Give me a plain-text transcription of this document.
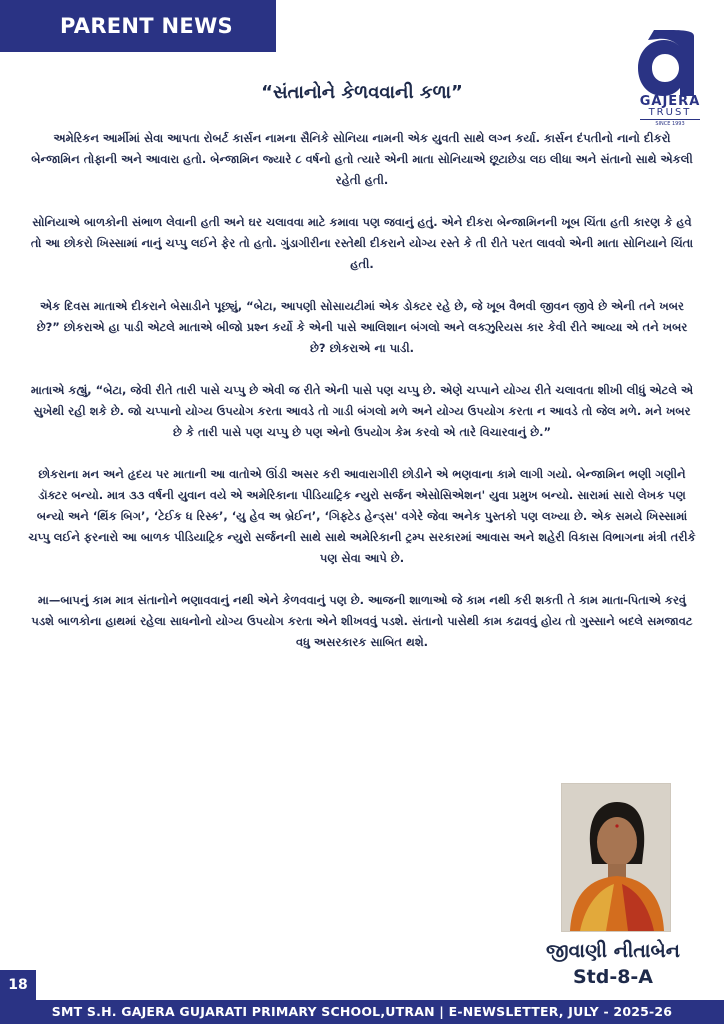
PARENT NEWS
GAJERA
TRUST
SINCE 1993
“સંતાનોને કેળવવાની કળા”

અમેરિકન આર્મીમાં સેવા આપતા રોબર્ટ કાર્સન નામના સૈનિકે સોનિયા નામની એક યુવતી સાથે લગ્ન કર્યા. કાર્સન દંપતીનો નાનો દીકરો બેન્જામિન તોફાની અને આવારા હતો. બેન્જામિન જ્યારે ૮ વર્ષનો હતો ત્યારે એની માતા સોનિયાએ છૂટાછેડા લઇ લીધા અને સંતાનો સાથે એકલી રહેતી હતી.

સોનિયાએ બાળકોની સંભાળ લેવાની હતી અને ઘર ચલાવવા માટે કમાવા પણ જવાનું હતું. એને દીકરા બેન્જામિનની ખૂબ ચિંતા હતી કારણ કે હવે તો આ છોકરો ખિસ્સામાં નાનું ચપ્પુ લઈને ફેર તો હતો. ગુંડાગીરીના રસ્તેથી દીકરાને યોગ્ય રસ્તે કે તી રીતે પરત લાવવો એની માતા સોનિયાને ચિંતા હતી.

એક દિવસ માતાએ દીકરાને બેસાડીને પૂછ્યું, “બેટા, આપણી સોસાયટીમાં એક ડોક્ટર રહે છે, જે ખૂબ વૈભવી જીવન જીવે છે એની તને ખબર છે?” છોકરાએ હા પાડી એટલે માતાએ બીજો પ્રશ્ન કર્યો કે એની પાસે આલિશાન બંગલો અને લક્ઝુરિયસ કાર કેવી રીતે આવ્યા એ તને ખબર છે? છોકરાએ ના પાડી.

માતાએ કહ્યું, “બેટા, જેવી રીતે તારી પાસે ચપ્પુ છે એવી જ રીતે એની પાસે પણ ચપ્પુ છે. એણે ચપ્પાને યોગ્ય રીતે ચલાવતા શીખી લીધું એટલે એ સુખેથી રહી શકે છે. જો ચપ્પાનો યોગ્ય ઉપયોગ કરતા આવડે તો ગાડી બંગલો મળે અને યોગ્ય ઉપયોગ કરતા ન આવડે તો જેલ મળે. મને ખબર છે કે તારી પાસે પણ ચપ્પુ છે પણ એનો ઉપયોગ કેમ કરવો એ તારે વિચારવાનું છે.”

છોકરાના મન અને હૃદય પર માતાની આ વાતોએ ઊંડી અસર કરી આવારાગીરી છોડીને એ ભણવાના કામે લાગી ગયો. બેન્જામિન ભણી ગણીને ડૉક્ટર બન્યો. માત્ર ૩૩ વર્ષની યુવાન વયે એ અમેરિકાના પીડિયાટ્રિક ન્યુરો સર્જન એસોસિએશન' યુવા પ્રમુખ બન્યો. સારામાં સારો લેખક પણ બન્યો અને ‘થિંક બિગ’, ‘ટેઈક ધ રિસ્ક’, ‘યુ હેવ અ બ્રેઈન’, ‘ગિફ્ટેડ હેન્ડ્સ' વગેરે જેવા અનેક પુસ્તકો પણ લખ્યા છે. એક સમયે ખિસ્સામાં ચપ્પુ લઈને ફરનારો આ બાળક પીડિયાટ્રિક ન્યુરો સર્જનની સાથે સાથે અમેરિકાની ટ્રમ્પ સરકારમાં આવાસ અને શહેરી વિકાસ વિભાગના મંત્રી તરીકે પણ સેવા આપે છે.

મા—બાપનું કામ માત્ર સંતાનોને ભણાવવાનું નથી એને કેળવવાનું પણ છે. આજની શાળાઓ જે કામ નથી કરી શકતી તે કામ માતા-પિતાએ કરવું પડશે બાળકોના હાથમાં રહેલા સાધનોનો યોગ્ય ઉપયોગ કરતા એને શીખવવું પડશે. સંતાનો પાસેથી કામ કઢાવવું હોય તો ગુસ્સાને બદલે સમજાવટ વધુ અસરકારક સાબિત થશે.

જીવાણી નીતાબેન
Std-8-A
18
SMT S.H. GAJERA GUJARATI PRIMARY SCHOOL,UTRAN | E-NEWSLETTER, JULY - 2025-26
